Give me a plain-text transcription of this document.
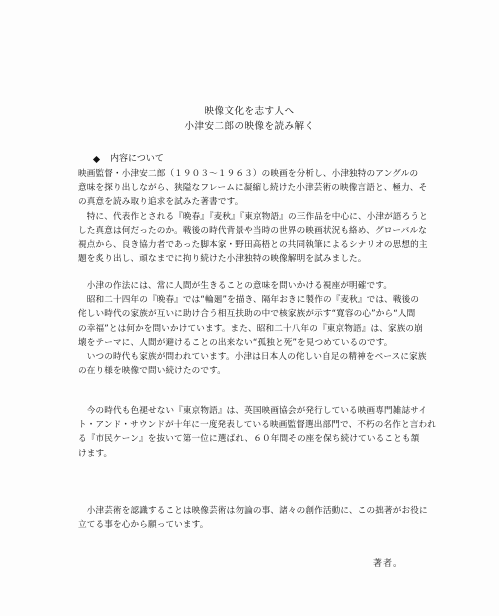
映像文化を志す人へ
小津安二郎の映像を読み解く
内容について
映画監督・小津安二郎（１９０３〜１９６３）の映画を分析し、小津独特のアングルの
意味を探り出しながら、狭隘なフレームに凝縮し続けた小津芸術の映像言語と、極力、そ
の真意を読み取り追求を試みた著書です。
　特に、代表作とされる『晩春』『麦秋』『東京物語』の三作品を中心に、小津が語ろうと
した真意は何だったのか。戦後の時代背景や当時の世界の映画状況も絡め、グローバルな
視点から、良き協力者であった脚本家・野田高梧との共同執筆によるシナリオの思想的主
題を炙り出し、頑なまでに拘り続けた小津独特の映像解明を試みました。
　小津の作法には、常に人間が生きることの意味を問いかける視座が明確です。
　昭和二十四年の『晩春』では“輪廻”を描き、隔年おきに製作の『麦秋』では、戦後の
侘しい時代の家族が互いに助け合う相互扶助の中で核家族が示す“寛容の心”から“人間
の幸福”とは何かを問いかけています。また、昭和二十八年の『東京物語』は、家族の崩
壊をテーマに、人間が避けることの出来ない“孤独と死”を見つめているのです。
　いつの時代も家族が問われています。小津は日本人の侘しい自足の精神をベースに家族
の在り様を映像で問い続けたのです。
　今の時代も色褪せない『東京物語』は、英国映画協会が発行している映画専門雑誌サイ
ト・アンド・サウンドが十年に一度発表している映画監督選出部門で、不朽の名作と言われ
る『市民ケーン』を抜いて第一位に選ばれ、６０年間その座を保ち続けていることも頷
けます。
　小津芸術を認識することは映像芸術は勿論の事、諸々の創作活動に、この拙著がお役に
立てる事を心から願っています。
著者。
